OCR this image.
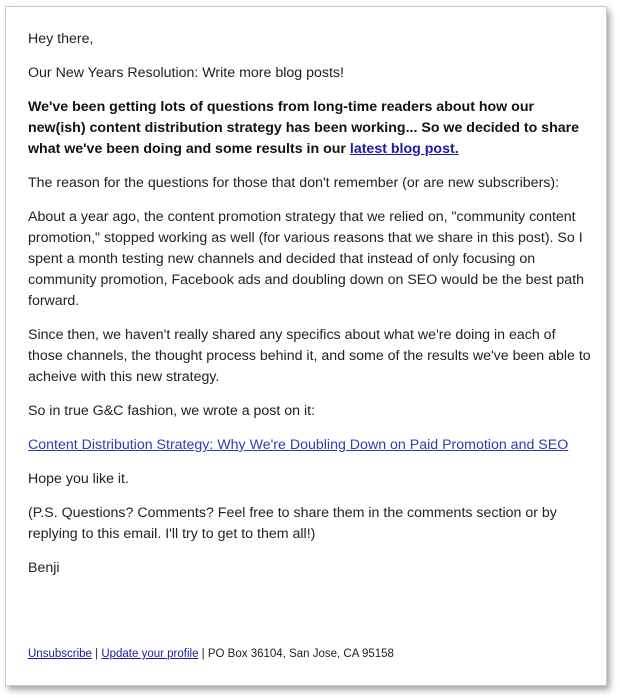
Hey there,

Our New Years Resolution: Write more blog posts!

We've been getting lots of questions from long-time readers about how our new(ish) content distribution strategy has been working... So we decided to share what we've been doing and some results in our latest blog post.

The reason for the questions for those that don't remember (or are new subscribers):

About a year ago, the content promotion strategy that we relied on, "community content promotion," stopped working as well (for various reasons that we share in this post). So I spent a month testing new channels and decided that instead of only focusing on community promotion, Facebook ads and doubling down on SEO would be the best path forward.

Since then, we haven't really shared any specifics about what we're doing in each of those channels, the thought process behind it, and some of the results we've been able to acheive with this new strategy.

So in true G&C fashion, we wrote a post on it:

Content Distribution Strategy: Why We're Doubling Down on Paid Promotion and SEO

Hope you like it.

(P.S. Questions? Comments? Feel free to share them in the comments section or by replying to this email. I'll try to get to them all!)

Benji

Unsubscribe | Update your profile | PO Box 36104, San Jose, CA 95158
